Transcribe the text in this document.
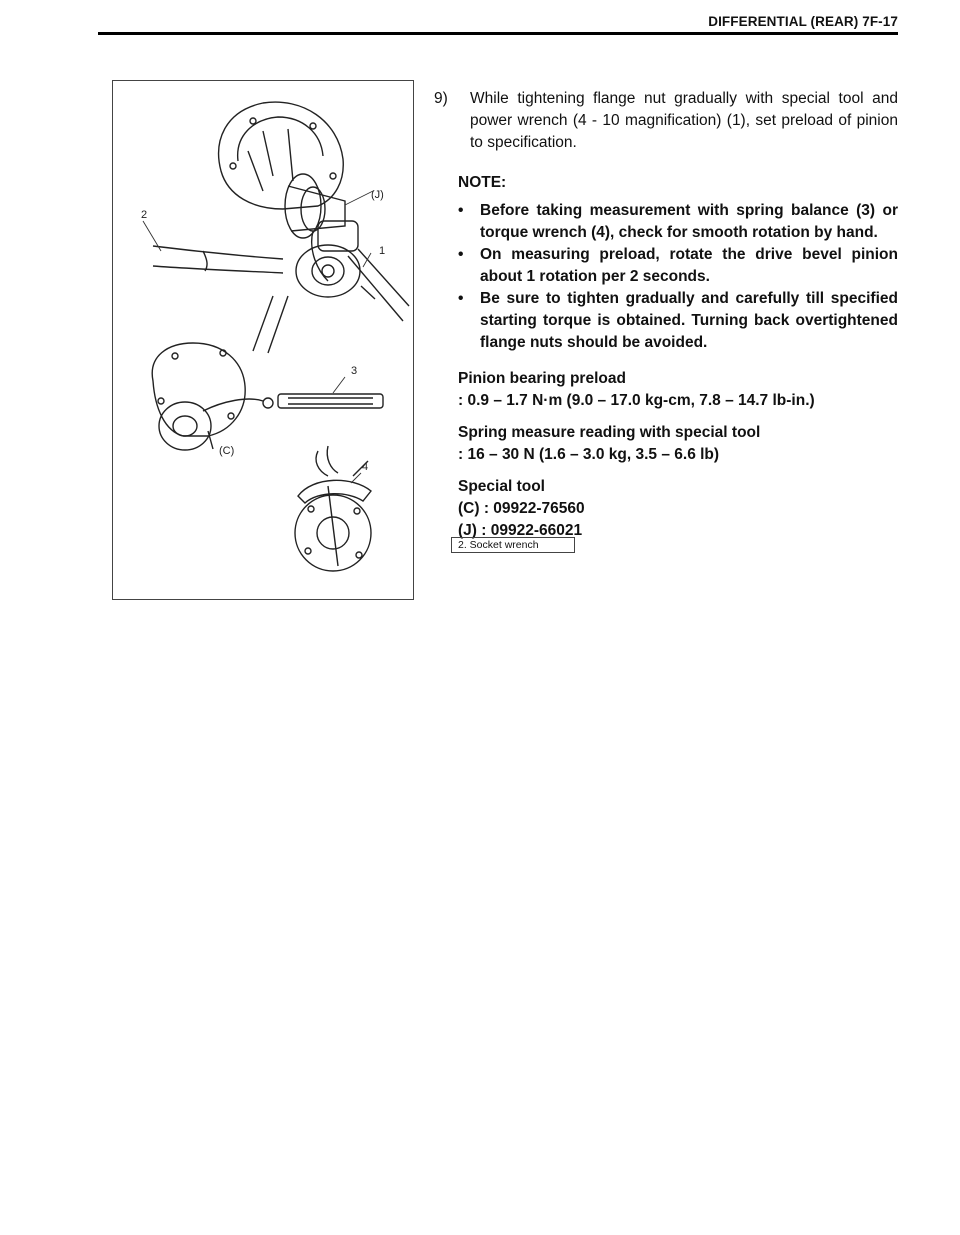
DIFFERENTIAL (REAR) 7F-17
(J)
2
1
3
(C)
4
9)	While tightening flange nut gradually with special tool and power wrench (4 - 10 magnification) (1), set preload of pinion to specification.
NOTE:
•	Before taking measurement with spring balance (3) or torque wrench (4), check for smooth rotation by hand.
•	On measuring preload, rotate the drive bevel pinion about 1 rotation per 2 seconds.
•	Be sure to tighten gradually and carefully till specified starting torque is obtained. Turning back overtightened flange nuts should be avoided.
Pinion bearing preload
: 0.9 – 1.7 N·m (9.0 – 17.0 kg-cm, 7.8 – 14.7 lb-in.)
Spring measure reading with special tool
: 16 – 30 N (1.6 – 3.0 kg, 3.5 – 6.6 lb)
Special tool
(C) : 09922-76560
(J) : 09922-66021
2. Socket wrench
